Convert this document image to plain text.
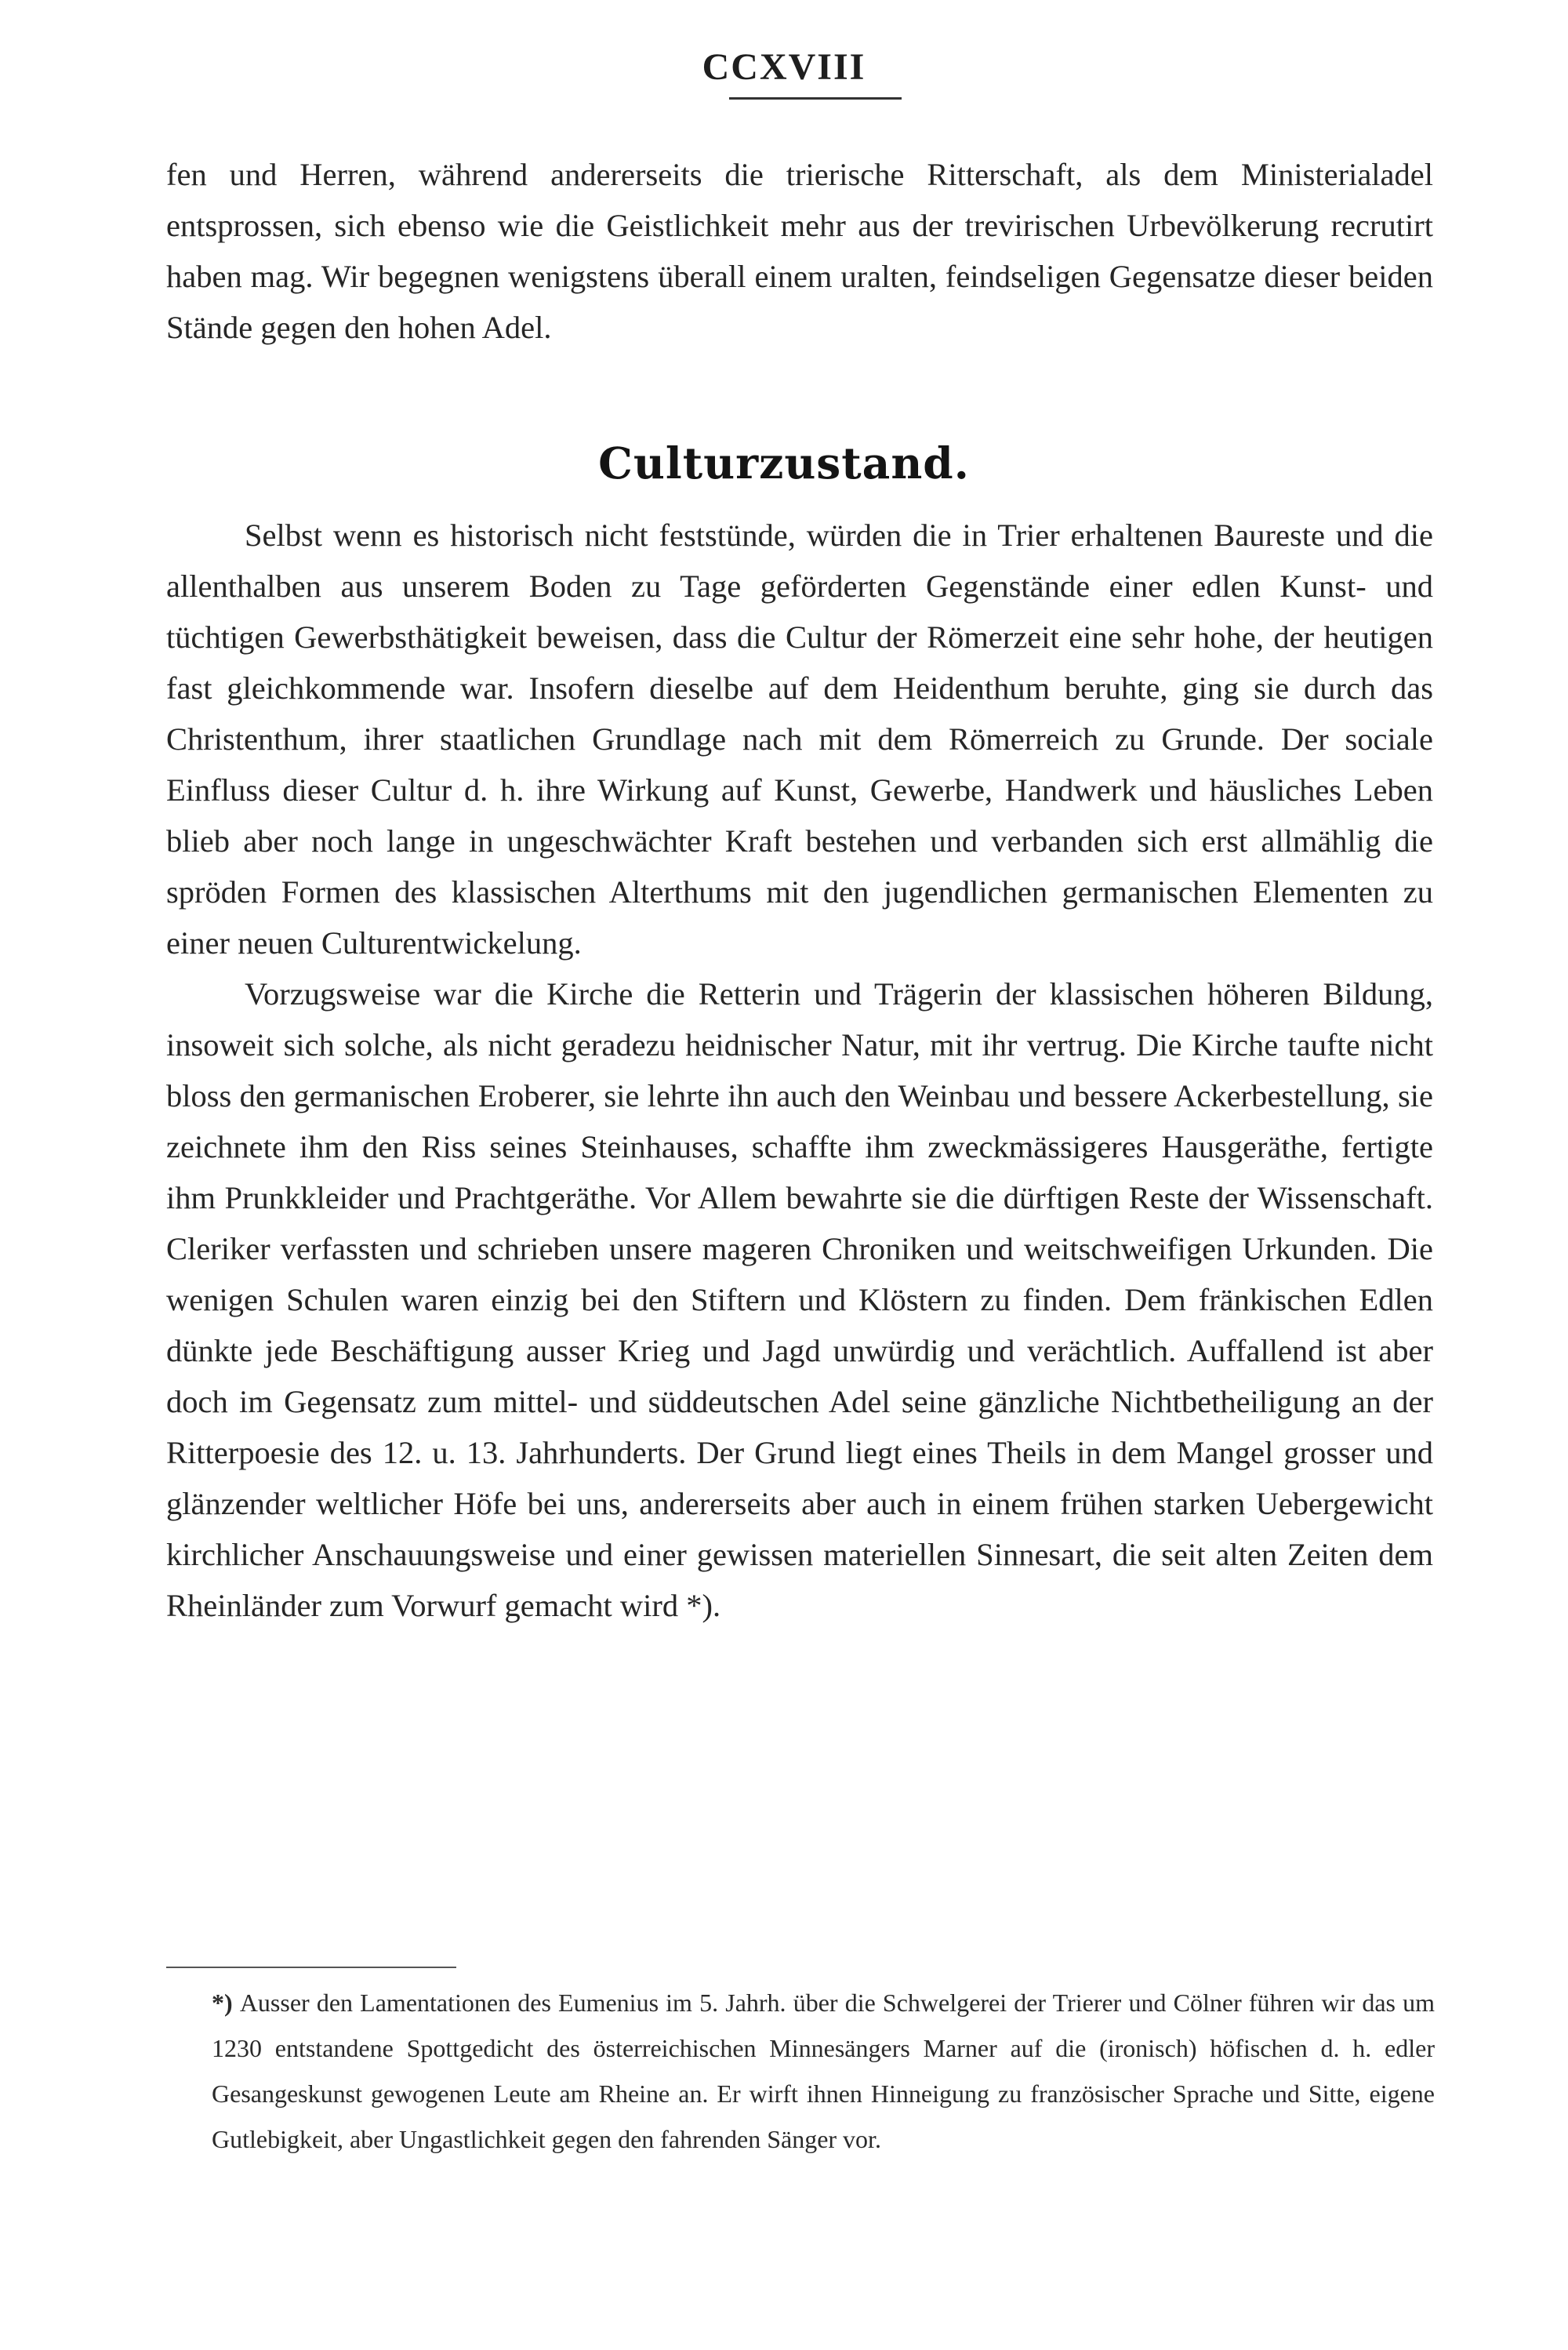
CCXVIII

fen und Herren, während andererseits die trierische Ritterschaft, als dem Ministerialadel entsprossen, sich ebenso wie die Geistlichkeit mehr aus der trevirischen Urbevölkerung recrutirt haben mag. Wir begegnen wenigstens überall einem uralten, feindseligen Gegensatze dieser beiden Stände gegen den hohen Adel.

Culturzustand.

Selbst wenn es historisch nicht feststünde, würden die in Trier erhaltenen Baureste und die allenthalben aus unserem Boden zu Tage geförderten Gegenstände einer edlen Kunst- und tüchtigen Gewerbsthätigkeit beweisen, dass die Cultur der Römerzeit eine sehr hohe, der heutigen fast gleichkommende war. Insofern dieselbe auf dem Heidenthum beruhte, ging sie durch das Christenthum, ihrer staatlichen Grundlage nach mit dem Römerreich zu Grunde. Der sociale Einfluss dieser Cultur d. h. ihre Wirkung auf Kunst, Gewerbe, Handwerk und häusliches Leben blieb aber noch lange in ungeschwächter Kraft bestehen und verbanden sich erst allmählig die spröden Formen des klassischen Alterthums mit den jugendlichen germanischen Elementen zu einer neuen Culturentwickelung.

Vorzugsweise war die Kirche die Retterin und Trägerin der klassischen höheren Bildung, insoweit sich solche, als nicht geradezu heidnischer Natur, mit ihr vertrug. Die Kirche taufte nicht bloss den germanischen Eroberer, sie lehrte ihn auch den Weinbau und bessere Ackerbestellung, sie zeichnete ihm den Riss seines Steinhauses, schaffte ihm zweckmässigeres Hausgeräthe, fertigte ihm Prunkkleider und Prachtgeräthe. Vor Allem bewahrte sie die dürftigen Reste der Wissenschaft. Cleriker verfassten und schrieben unsere mageren Chroniken und weitschweifigen Urkunden. Die wenigen Schulen waren einzig bei den Stiftern und Klöstern zu finden. Dem fränkischen Edlen dünkte jede Beschäftigung ausser Krieg und Jagd unwürdig und verächtlich. Auffallend ist aber doch im Gegensatz zum mittel- und süddeutschen Adel seine gänzliche Nichtbetheiligung an der Ritterpoesie des 12. u. 13. Jahrhunderts. Der Grund liegt eines Theils in dem Mangel grosser und glänzender weltlicher Höfe bei uns, andererseits aber auch in einem frühen starken Uebergewicht kirchlicher Anschauungsweise und einer gewissen materiellen Sinnesart, die seit alten Zeiten dem Rheinländer zum Vorwurf gemacht wird *).

*) Ausser den Lamentationen des Eumenius im 5. Jahrh. über die Schwelgerei der Trierer und Cölner führen wir das um 1230 entstandene Spottgedicht des österreichischen Minnesängers Marner auf die (ironisch) höfischen d. h. edler Gesangeskunst gewogenen Leute am Rheine an. Er wirft ihnen Hinneigung zu französischer Sprache und Sitte, eigene Gutlebigkeit, aber Ungastlichkeit gegen den fahrenden Sänger vor.
